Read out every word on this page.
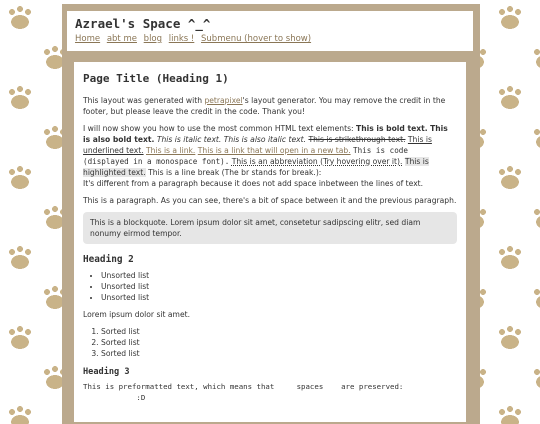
Azrael's Space ^_^
Home abt me blog links ! Submenu (hover to show)
Page Title (Heading 1)

This layout was generated with petrapixel's layout generator. You may remove the credit in the footer, but please leave the credit in the code. Thank you!

I will now show you how to use the most common HTML text elements: This is bold text. This is also bold text. This is italic text. This is also italic text. This is strikethrough text. This is underlined text. This is a link. This is a link that will open in a new tab. This is code (displayed in a monospace font). This is an abbreviation (Try hovering over it). This is highlighted text. This is a line break (The br stands for break.):
It's different from a paragraph because it does not add space inbetween the lines of text.

This is a paragraph. As you can see, there's a bit of space between it and the previous paragraph.

This is a blockquote. Lorem ipsum dolor sit amet, consetetur sadipscing elitr, sed diam nonumy eirmod tempor.
Heading 2
• Unsorted list
• Unsorted list
• Unsorted list

Lorem ipsum dolor sit amet.

1. Sorted list
2. Sorted list
3. Sorted list
Heading 3
This is preformatted text, which means that     spaces    are preserved:
:D
